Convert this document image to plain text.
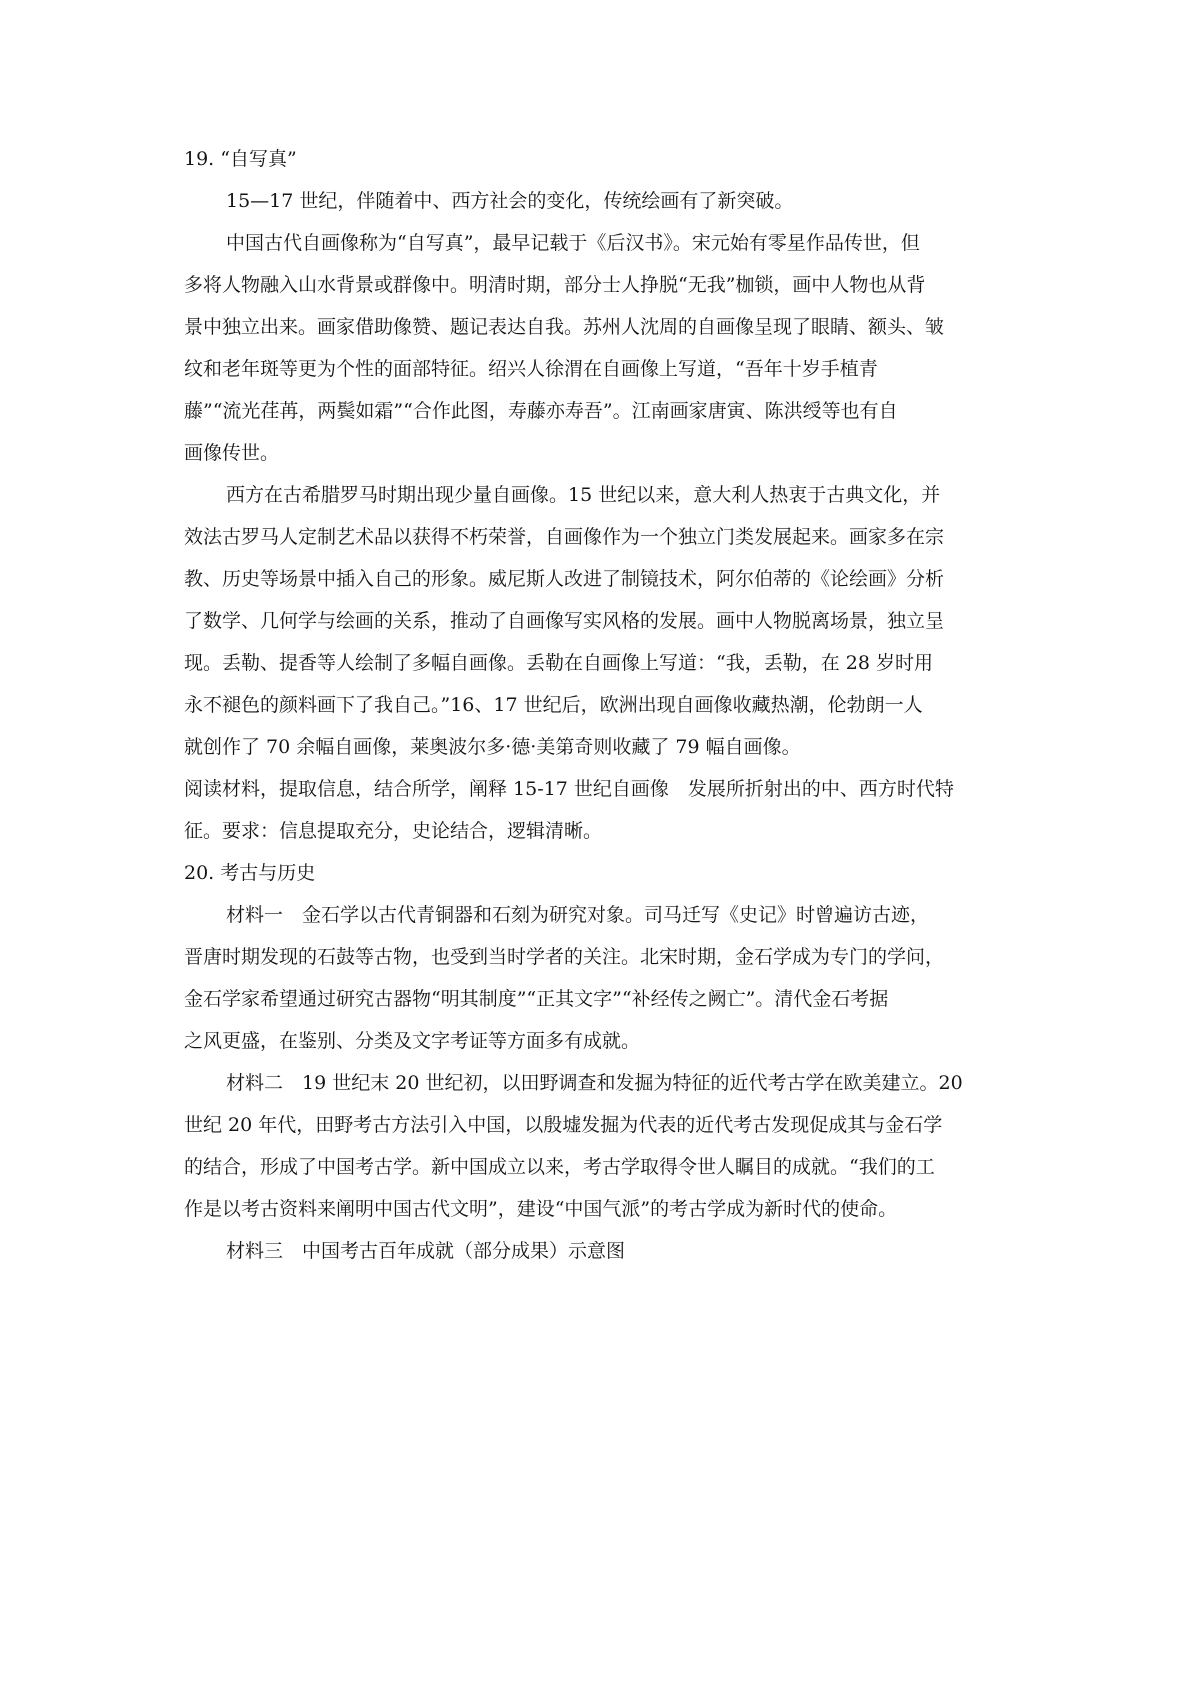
19. “自写真”
15—17 世纪，伴随着中、西方社会的变化，传统绘画有了新突破。
中国古代自画像称为“自写真”，最早记载于《后汉书》。宋元始有零星作品传世，但
多将人物融入山水背景或群像中。明清时期，部分士人挣脱“无我”枷锁，画中人物也从背
景中独立出来。画家借助像赞、题记表达自我。苏州人沈周的自画像呈现了眼睛、额头、皱
纹和老年斑等更为个性的面部特征。绍兴人徐渭在自画像上写道，“吾年十岁手植青
藤”“流光荏苒，两鬓如霜”“合作此图，寿藤亦寿吾”。江南画家唐寅、陈洪绶等也有自
画像传世。
西方在古希腊罗马时期出现少量自画像。15 世纪以来，意大利人热衷于古典文化，并
效法古罗马人定制艺术品以获得不朽荣誉，自画像作为一个独立门类发展起来。画家多在宗
教、历史等场景中插入自己的形象。威尼斯人改进了制镜技术，阿尔伯蒂的《论绘画》分析
了数学、几何学与绘画的关系，推动了自画像写实风格的发展。画中人物脱离场景，独立呈
现。丢勒、提香等人绘制了多幅自画像。丢勒在自画像上写道：“我，丢勒，在 28 岁时用
永不褪色的颜料画下了我自己。”16、17 世纪后，欧洲出现自画像收藏热潮，伦勃朗一人
就创作了 70 余幅自画像，莱奥波尔多·德·美第奇则收藏了 79 幅自画像。
阅读材料，提取信息，结合所学，阐释 15-17 世纪自画像　发展所折射出的中、西方时代特
征。要求：信息提取充分，史论结合，逻辑清晰。
20. 考古与历史
材料一　金石学以古代青铜器和石刻为研究对象。司马迁写《史记》时曾遍访古迹，
晋唐时期发现的石鼓等古物，也受到当时学者的关注。北宋时期，金石学成为专门的学问，
金石学家希望通过研究古器物“明其制度”“正其文字”“补经传之阙亡”。清代金石考据
之风更盛，在鉴别、分类及文字考证等方面多有成就。
材料二　19 世纪末 20 世纪初，以田野调查和发掘为特征的近代考古学在欧美建立。20
世纪 20 年代，田野考古方法引入中国，以殷墟发掘为代表的近代考古发现促成其与金石学
的结合，形成了中国考古学。新中国成立以来，考古学取得令世人瞩目的成就。“我们的工
作是以考古资料来阐明中国古代文明”，建设“中国气派”的考古学成为新时代的使命。
材料三　中国考古百年成就（部分成果）示意图
